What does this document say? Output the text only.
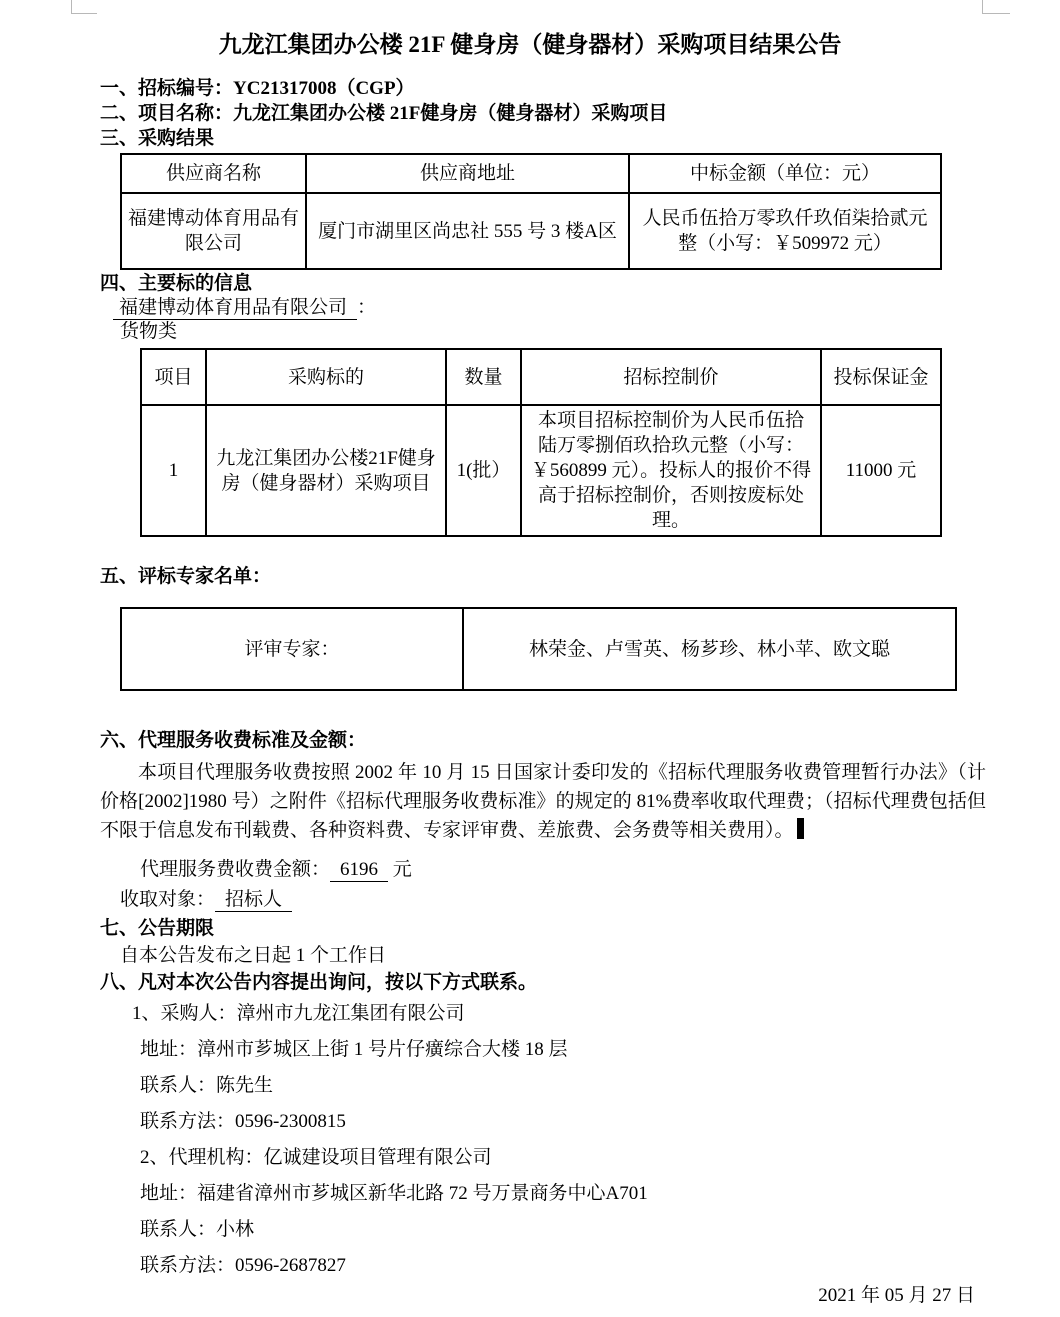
九龙江集团办公楼 21F 健身房（健身器材）采购项目结果公告
一、招标编号：YC21317008（CGP）
二、项目名称：九龙江集团办公楼 21F健身房（健身器材）采购项目
三、采购结果
供应商名称	供应商地址	中标金额（单位：元）
福建博动体育用品有限公司	厦门市湖里区尚忠社 555 号 3 楼A区	人民币伍拾万零玖仟玖佰柒拾贰元整（小写：￥509972 元）
四、主要标的信息
福建博动体育用品有限公司 ：
货物类
项目	采购标的	数量	招标控制价	投标保证金
1	九龙江集团办公楼21F健身房（健身器材）采购项目	1(批）	本项目招标控制价为人民币伍拾陆万零捌佰玖拾玖元整（小写：￥560899 元）。投标人的报价不得高于招标控制价，否则按废标处理。	11000 元
五、评标专家名单：
评审专家：	林荣金、卢雪英、杨芗珍、林小苹、欧文聪
六、代理服务收费标准及金额：
本项目代理服务收费按照 2002 年 10 月 15 日国家计委印发的《招标代理服务收费管理暂行办法》（计价格[2002]1980 号）之附件《招标代理服务收费标准》的规定的 81%费率收取代理费；（招标代理费包括但不限于信息发布刊载费、各种资料费、专家评审费、差旅费、会务费等相关费用）。
代理服务费收费金额： 6196 元
收取对象： 招标人
七、公告期限
自本公告发布之日起 1 个工作日
八、凡对本次公告内容提出询问，按以下方式联系。
1、采购人：漳州市九龙江集团有限公司
地址：漳州市芗城区上街 1 号片仔癀综合大楼 18 层
联系人：陈先生
联系方法：0596-2300815
2、代理机构：亿诚建设项目管理有限公司
地址：福建省漳州市芗城区新华北路 72 号万景商务中心A701
联系人：小林
联系方法：0596-2687827
2021 年 05 月 27 日
